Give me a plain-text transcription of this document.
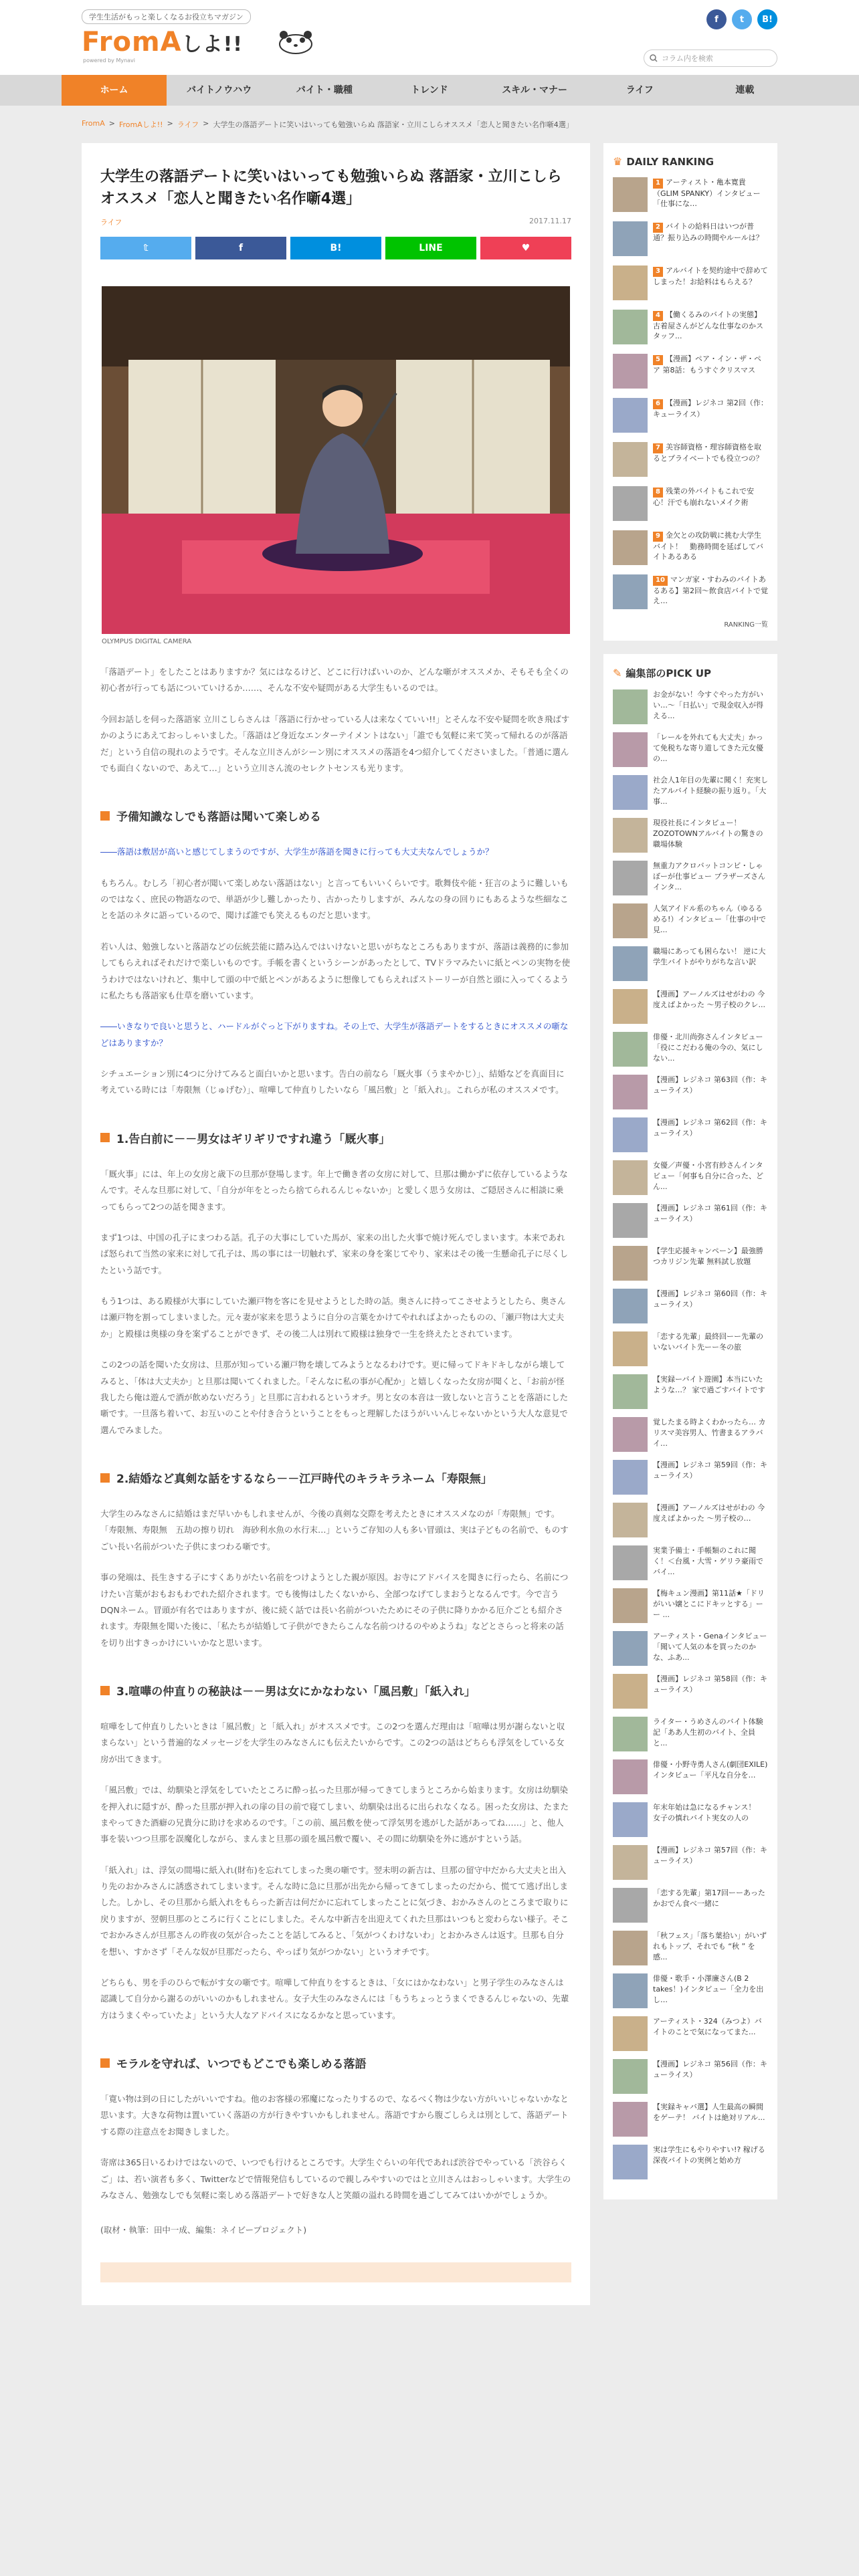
学生生活がもっと楽しくなるお役立ちマガジン
FromAしよ!!
powered by Mynavi
f	t	B!
コラム内を検索
ホーム	バイトノウハウ	バイト・職種	トレンド	スキル・マナー	ライフ	連載
FromA > FromAしよ!! > ライフ > 大学生の落語デートに笑いはいっても勉強いらぬ 落語家・立川こしらオススメ「恋人と聞きたい名作噺4選」
大学生の落語デートに笑いはいっても勉強いらぬ 落語家・立川こしらオススメ「恋人と聞きたい名作噺4選」
ライフ	2017.11.17
𝕥	f	B!	LINE	♥
OLYMPUS DIGITAL CAMERA

「落語デート」をしたことはありますか？気にはなるけど、どこに行けばいいのか、どんな噺がオススメか、そもそも全くの初心者が行っても話についていけるか……、そんな不安や疑問がある大学生もいるのでは。

今回お話しを伺った落語家 立川こしらさんは「落語に行かせっている人は来なくていい!!」とそんな不安や疑問を吹き飛ばすかのようにあえておっしゃいました。「落語はど身近なエンターテイメントはない」「誰でも気軽に来て笑って帰れるのが落語だ」という自信の現れのようです。そんな立川さんがシーン別にオススメの落語を4つ紹介してくださいました。「普通に選んでも面白くないので、あえて…」という立川さん流のセレクトセンスも光ります。

予備知識なしでも落語は聞いて楽しめる

――落語は敷居が高いと感じてしまうのですが、大学生が落語を聞きに行っても大丈夫なんでしょうか？

もちろん。むしろ「初心者が聞いて楽しめない落語はない」と言ってもいいくらいです。歌舞伎や能・狂言のように難しいものではなく、庶民の物語なので、単語が少し難しかったり、古かったりしますが、みんなの身の回りにもあるような些細なことを話のネタに語っているので、聞けば誰でも笑えるものだと思います。

若い人は、勉強しないと落語などの伝統芸能に踏み込んではいけないと思いがちなところもありますが、落語は義務的に参加してもらえればそれだけで楽しいものです。手帳を書くというシーンがあったとして、TVドラマみたいに紙とペンの実物を使うわけではないけれど、集中して頭の中で紙とペンがあるように想像してもらえればストーリーが自然と頭に入ってくるように私たちも落語家も仕草を磨いています。

――いきなりで良いと思うと、ハードルがぐっと下がりますね。その上で、大学生が落語デートをするときにオススメの噺などはありますか？

シチュエーション別に4つに分けてみると面白いかと思います。告白の前なら「厩火事（うまやかじ）」、結婚などを真面目に考えている時には「寿限無（じゅげむ）」、喧嘩して仲直りしたいなら「風呂敷」と「紙入れ」。これらが私のオススメです。

1.告白前に－－男女はギリギリですれ違う「厩火事」

「厩火事」には、年上の女房と歳下の旦那が登場します。年上で働き者の女房に対して、旦那は働かずに依存しているようなんです。そんな旦那に対して、「自分が年をとったら捨てられるんじゃないか」と愛しく思う女房は、ご隠居さんに相談に乗ってもらって2つの話を聞きます。

まず1つは、中国の孔子にまつわる話。孔子の大事にしていた馬が、家来の出した火事で焼け死んでしまいます。本来であれば怒られて当然の家来に対して孔子は、馬の事には一切触れず、家来の身を案じてやり、家来はその後一生懸命孔子に尽くしたという話です。

もう1つは、ある殿様が大事にしていた瀬戸物を客にを見せようとした時の話。奥さんに持ってこさせようとしたら、奥さんは瀬戸物を割ってしまいました。元々妻が家来を思うように自分の言葉をかけてやれればよかったものの、「瀬戸物は大丈夫か」と殿様は奥様の身を案ずることができず、その後二人は別れて殿様は独身で一生を終えたとされています。

この2つの話を聞いた女房は、旦那が知っている瀬戸物を壊してみようとなるわけです。更に帰ってドキドキしながら壊してみると、「体は大丈夫か」と旦那は聞いてくれました。「そんなに私の事が心配か」と嬉しくなった女房が聞くと、「お前が怪我したら俺は遊んで酒が飲めないだろう」と旦那に言われるというオチ。男と女の本音は一致しないと言うことを落語にした噺です。一旦落ち着いて、お互いのことや付き合うということをもっと理解したほうがいいんじゃないかという大人な意見で選んでみました。

2.結婚など真剣な話をするなら－－江戸時代のキラキラネーム「寿限無」

大学生のみなさんに結婚はまだ早いかもしれませんが、今後の真剣な交際を考えたときにオススメなのが「寿限無」です。「寿限無、寿限無　五劫の擦り切れ　海砂利水魚の水行末…」というご存知の人も多い冒頭は、実は子どもの名前で、ものすごい長い名前がついた子供にまつわる噺です。

事の発端は、長生きする子にすくありがたい名前をつけようとした親が原因。お寺にアドバイスを聞きに行ったら、名前につけたい言葉がおもおもわでれた紹介されます。でも後悔はしたくないから、全部つなげてしまおうとなるんです。今で言うDQNネーム。冒頭が有名ではありますが、後に続く話では長い名前がついたためにその子供に降りかかる厄介ごとも紹介されます。寿限無を聞いた後に、「私たちが結婚して子供ができたらこんな名前つけるのやめようね」などとさらっと将来の話を切り出すきっかけにいいかなと思います。

3.喧嘩の仲直りの秘訣は－－男は女にかなわない「風呂敷」「紙入れ」

喧嘩をして仲直りしたいときは「風呂敷」と「紙入れ」がオススメです。この2つを選んだ理由は「喧嘩は男が謝らないと収まらない」という普遍的なメッセージを大学生のみなさんにも伝えたいからです。この2つの話はどちらも浮気をしている女房が出てきます。

「風呂敷」では、幼馴染と浮気をしていたところに酔っ払った旦那が帰ってきてしまうところから始まります。女房は幼馴染を押入れに隠すが、酔った旦那が押入れの扉の目の前で寝てしまい、幼馴染は出るに出られなくなる。困った女房は、たまたまやってきた酒癖の兄貴分に助けを求めるのです。「この前、風呂敷を使って浮気男を逃がした話があってね……」と、他人事を装いつつ旦那を誤魔化しながら、まんまと旦那の頭を風呂敷で覆い、その間に幼馴染を外に逃がすという話。

「紙入れ」は、浮気の間場に紙入れ(財布)を忘れてしまった奥の噺です。翌未明の新吉は、旦那の留守中だから大丈夫と出入り先のおかみさんに誘惑されてしまいます。そんな時に急に旦那が出先から帰ってきてしまったのだから、慌てて逃げ出しました。しかし、その旦那から紙入れをもらった新吉は何だかに忘れてしまったことに気づき、おかみさんのところまで取りに戻りますが、翌朝旦那のところに行くことにしました。そんな中新吉を出迎えてくれた旦那はいつもと変わらない様子。そこでおかみさんが旦那さんの昨夜の気が合ったことを話してみると、「気がつくわけないわ」とおかみさんは返す。旦那も自分を想い、すかさず「そんな奴が旦那だったら、やっぱり気がつかない」というオチです。

どちらも、男を手のひらで転がす女の噺です。喧嘩して仲直りをするときは、「女にはかなわない」と男子学生のみなさんは認識して自分から謝るのがいいのかもしれません。女子大生のみなさんには「もうちょっとうまくできるんじゃないの、先輩方はうまくやっていたよ」という大人なアドバイスになるかなと思っています。

モラルを守れば、いつでもどこでも楽しめる落語

「寛い物は到の日にしたがいいですね。他のお客様の邪魔になったりするので、なるべく物は少ない方がいいじゃないかなと思います。大きな荷物は置いていく落語の方が行きやすいかもしれません。落語ですから腹ごしらえは別として、落語デートする際の注意点をお聞きしました。

寄席は365日いるわけではないので、いつでも行けるところです。大学生ぐらいの年代であれば渋谷でやっている「渋谷らくご」は、若い演者も多く、Twitterなどで情報発信もしているので親しみやすいのではと立川さんはおっしゃいます。大学生のみなさん、勉強なしでも気軽に楽しめる落語デートで好きな人と笑顔の溢れる時間を過ごしてみてはいかがでしょうか。

(取材・執筆：田中一成、編集：ネイビープロジェクト)

♛ DAILY RANKING
1 アーティスト・亀本寛貴（GLIM SPANKY）インタビュー「仕事にな…
2 バイトの給料日はいつが普通？振り込みの時間やルールは？
3 アルバイトを契約途中で辞めてしまった！お給料はもらえる？
4 【働くるみのバイトの実態】古着屋さんがどんな仕事なのかスタッフ...
5 【漫画】ペア・イン・ザ・ペア 第8話：もうすぐクリスマス
6 【漫画】レジネコ 第2回（作：キューライス）
7 美容師資格・理容師資格を取るとプライベートでも役立つの？
8 残業の外バイトもこれで安心！汗でも崩れないメイク術
9 金欠との攻防戦に挑む大学生バイト！　勤務時間を延ばしてバイトあるある
10 マンガ家・すわみのバイトあるある】第2回～飲食店バイトで覚え…
RANKING一覧
✎ 編集部のPICK UP
お金がない！今すぐやった方がいい…〜「日払い」で現金収入が得える...
「レールを外れても大丈夫」かって免税ちな寄り道してきた元女優の...
社会人1年目の先輩に聞く！充実したアルバイト経験の振り返り。「大事...
現役社長にインタビュー！ZOZOTOWNアルバイトの驚きの職場体験
無重力アクロバットコンビ・しゃぼーが仕事ピュー ブラザーズさんインタ...
人気アイドル系のちゃん（ゆるるめる!）インタビュー「仕事の中で見...
職場にあっても困らない！ 逆に大学生バイトがやりがちな言い訳
【漫画】アーノルズはせがわの 今度えばよかった 〜男子校のクレ...
俳優・北川尚弥さんインタビュー「役にこだわる俺の今の、気にしない...
【漫画】レジネコ 第63回（作：キューライス）
【漫画】レジネコ 第62回（作：キューライス）
女優／声優・小宮有紗さんインタビュー「何事も自分に合った、どん...
【漫画】レジネコ 第61回（作：キューライス）
【学生応援キャンペーン】最強勝つカリジン先輩 無料試し放題
【漫画】レジネコ 第60回（作：キューライス）
「恋する先輩」最終回ーー先輩のいないバイト先ーー冬の旅
【実録ーバイト遊園】本当にいたような…？ 家で過ごすバイトです
覚したまる時よくわかったら… カリスマ美容男人、竹書まるアラバイ…
【漫画】レジネコ 第59回（作：キューライス）
【漫画】アーノルズはせがわの 今度えばよかった 〜男子校の…
実業予備士・手帳類のこれに聞く！＜台風・大雪・ゲリラ豪雨でバイ...
【梅キュン漫画】第11話★「ドリがいい嬢とこにドキッとする」ーー ...
アーティスト・Genaインタビュー「聞いて人気の本を買ったのかな、ふあ...
【漫画】レジネコ 第58回（作：キューライス）
ライター・うめさんのバイト体験記「ああ人生初のバイト、全員と...
俳優・小野寺勇人さん(劇団EXILE)インタビュー「平凡な自分を…
年末年始は急になるチャンス！　女子の慎れバイト実女の人の
【漫画】レジネコ 第57回（作：キューライス）
「恋する先輩」第17回ーーあったかおでん食べ一緒に
「秋フェス」「落ち葉拾い」がいずれもトップ、それでも “秋 ” を 感...
俳優・歌手・小澤廉さん(B 2 takes！)インタビュー「全力を出し…
アーティスト・324（みつよ）バイトのことで気になってまた...
【漫画】レジネコ 第56回（作：キューライス）
【実録キャバ選】人生最高の瞬間をゲーテ！ バイトは絶対リアル...
実は学生にもやりやすい!? 稼げる深夜バイトの実例と始め方
